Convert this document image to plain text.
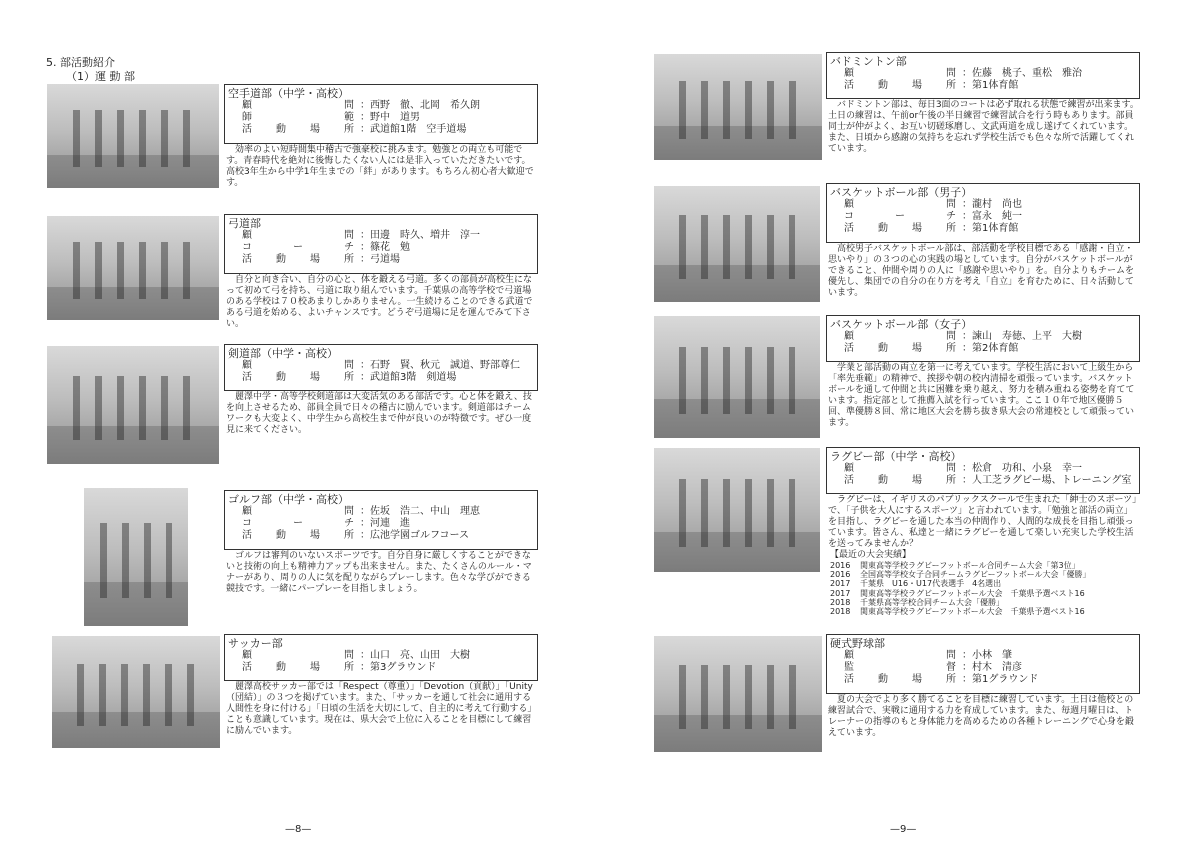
5. 部活動紹介
（1）運 動 部
空手道部（中学・高校）
顧	問 ：西野　徹、北岡　希久朗
師	範 ：野中　道男
活 動 場 所 ：武道館1階　空手道場

効率のよい短時間集中稽古で強豪校に挑みます。勉強との両立も可能です。青春時代を絶対に後悔したくない人には是非入っていただきたいです。高校3年生から中学1年生までの「絆」があります。もちろん初心者大歓迎です。

弓道部
顧	問 ：田邊　時久、増井　淳一
コ	ー	チ ：篠花　勉
活 動 場 所 ：弓道場

自分と向き合い、自分の心と、体を鍛える弓道。多くの部員が高校生になって初めて弓を持ち、弓道に取り組んでいます。千葉県の高等学校で弓道場のある学校は７０校あまりしかありません。一生続けることのできる武道である弓道を始める、よいチャンスです。どうぞ弓道場に足を運んでみて下さい。

剣道部（中学・高校）
顧	問 ：石野　賢、秋元　誠道、野部尊仁
活 動 場 所 ：武道館3階　剣道場

麗澤中学・高等学校剣道部は大変活気のある部活です。心と体を鍛え、技を向上させるため、部員全員で日々の稽古に励んでいます。剣道部はチームワークも大変よく、中学生から高校生まで仲が良いのが特徴です。ぜひ一度見に来てください。

ゴルフ部（中学・高校）
顧	問 ：佐坂　浩二、中山　理恵
コ	ー	チ ：河連　進
活 動 場 所 ：広池学園ゴルフコース

ゴルフは審判のいないスポーツです。自分自身に厳しくすることができないと技術の向上も精神力アップも出来ません。また、たくさんのルール・マナーがあり、周りの人に気を配りながらプレーします。色々な学びができる競技です。一緒にパープレーを目指しましょう。

サッカー部
顧	問 ：山口　亮、山田　大樹
活 動 場 所 ：第3グラウンド

麗澤高校サッカー部では「Respect（尊重）」「Devotion（貢献）」「Unity（団結）」の３つを掲げています。また、「サッカーを通して社会に通用する人間性を身に付ける」「日頃の生活を大切にして、自主的に考えて行動する」ことも意識しています。現在は、県大会で上位に入ることを目標にして練習に励んでいます。

—8—
バドミントン部
顧	問 ：佐藤　桃子、重松　雅治
活 動 場 所 ：第1体育館

バドミントン部は、毎日3面のコートは必ず取れる状態で練習が出来ます。土日の練習は、午前or午後の半日練習で練習試合を行う時もあります。部員同士が仲がよく、お互い切磋琢磨し、文武両道を成し遂げてくれています。また、日頃から感謝の気持ちを忘れず学校生活でも色々な所で活躍してくれています。

バスケットボール部（男子）
顧	問 ：瀧村　尚也
コ	ー	チ ：富永　純一
活 動 場 所 ：第1体育館

高校男子バスケットボール部は、部活動を学校目標である「感謝・自立・思いやり」の３つの心の実践の場としています。自分がバスケットボールができること、仲間や周りの人に「感謝や思いやり」を。自分よりもチームを優先し、集団での自分の在り方を考え「自立」を育むために、日々活動しています。

バスケットボール部（女子）
顧	問 ：諫山　寿徳、上平　大樹
活 動 場 所 ：第2体育館

学業と部活動の両立を第一に考えています。学校生活において上級生から「率先垂範」の精神で、挨拶や朝の校内清掃を頑張っています。バスケットボールを通して仲間と共に困難を乗り越え、努力を積み重ねる姿勢を育てています。指定部として推薦入試を行っています。ここ１０年で地区優勝５回、準優勝８回、常に地区大会を勝ち抜き県大会の常連校として頑張っています。

ラグビー部（中学・高校）
顧	問 ：松倉　功和、小泉　幸一
活 動 場 所 ：人工芝ラグビー場、トレーニング室

ラグビーは、イギリスのパブリックスクールで生まれた「紳士のスポーツ」で、「子供を大人にするスポーツ」と言われています。「勉強と部活の両立」を目指し、ラグビーを通した本当の仲間作り、人間的な成長を目指し頑張っています。皆さん、私達と一緒にラグビーを通して楽しい充実した学校生活を送ってみませんか？

【最近の大会実績】
2016 関東高等学校ラグビーフットボール合同チーム大会「第3位」
2016 全国高等学校女子合同チームラグビーフットボール大会「優勝」
2017 千葉県　U16・U17代表選手　4名選出
2017 関東高等学校ラグビーフットボール大会　千葉県予選ベスト16
2018 千葉県高等学校合同チーム大会「優勝」
2018 関東高等学校ラグビーフットボール大会　千葉県予選ベスト16
硬式野球部
顧	問 ：小林　肇
監	督 ：村木　清彦
活 動 場 所 ：第1グラウンド

夏の大会でより多く勝てることを目標に練習しています。土日は他校との練習試合で、実戦に通用する力を育成しています。また、毎週月曜日は、トレーナーの指導のもと身体能力を高めるための各種トレーニングで心身を鍛えています。

—9—
